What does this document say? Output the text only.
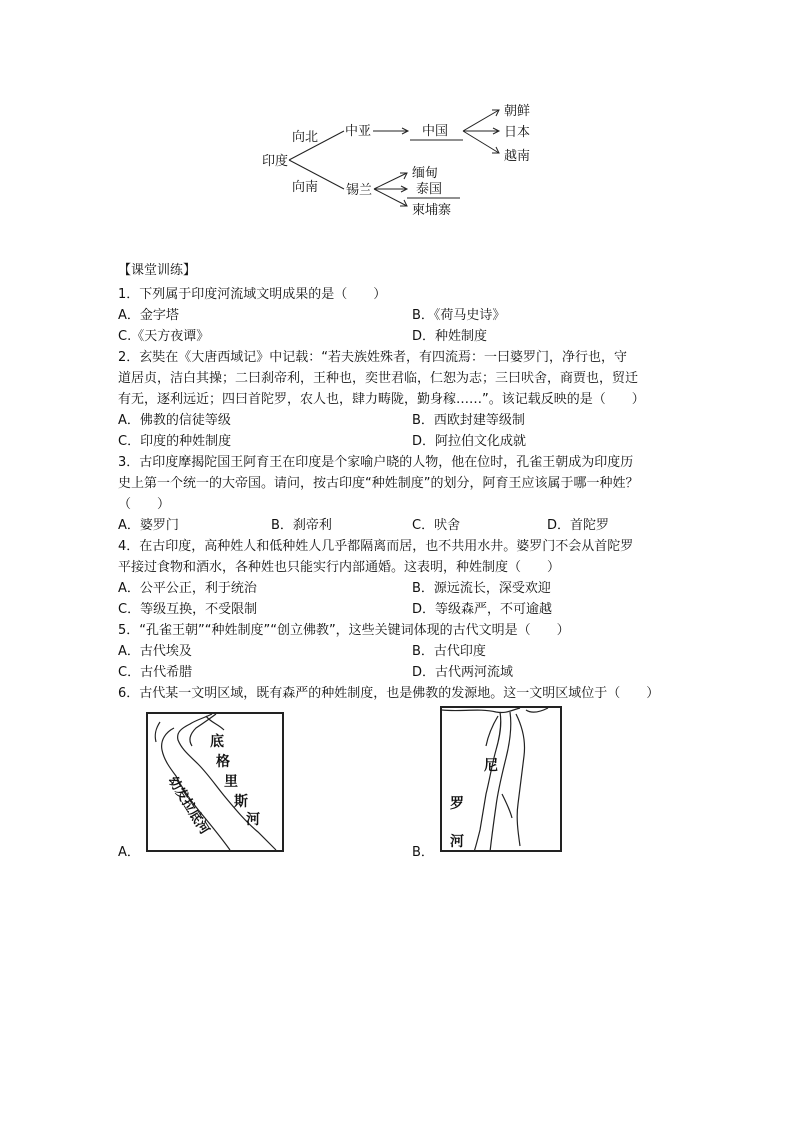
印度
向北
向南
中亚	中国
朝鲜
日本
越南
锡兰
缅甸
泰国
柬埔寨
【课堂训练】
1．下列属于印度河流域文明成果的是（　　）
A．金字塔	B．《荷马史诗》
C.《天方夜谭》	D．种姓制度
2．玄奘在《大唐西域记》中记载：“若夫族姓殊者，有四流焉：一曰婆罗门，净行也，守
道居贞，洁白其操；二曰刹帝利，王种也，奕世君临，仁恕为志；三曰吠舍，商贾也，贸迁
有无，逐利远近；四曰首陀罗，农人也，肆力畴陇，勤身稼……”。该记载反映的是（　　）
A．佛教的信徒等级	B．西欧封建等级制
C．印度的种姓制度	D．阿拉伯文化成就
3．古印度摩揭陀国王阿育王在印度是个家喻户晓的人物，他在位时，孔雀王朝成为印度历
史上第一个统一的大帝国。请问，按古印度“种姓制度”的划分，阿育王应该属于哪一种姓？
（　　）
A．婆罗门	B．刹帝利	C．吠舍	D．首陀罗
4．在古印度，高种姓人和低种姓人几乎都隔离而居，也不共用水井。婆罗门不会从首陀罗
平接过食物和酒水，各种姓也只能实行内部通婚。这表明，种姓制度（　　）
A．公平公正，利于统治	B．源远流长，深受欢迎
C．等级互换，不受限制	D．等级森严，不可逾越
5．“孔雀王朝”“种姓制度”“创立佛教”，这些关键词体现的古代文明是（　　）
A．古代埃及	B．古代印度
C．古代希腊	D．古代两河流域
6．古代某一文明区域，既有森严的种姓制度，也是佛教的发源地。这一文明区域位于（　　）
底
格
里
斯
河
幼发拉底河
A．
尼
罗
河
B．
